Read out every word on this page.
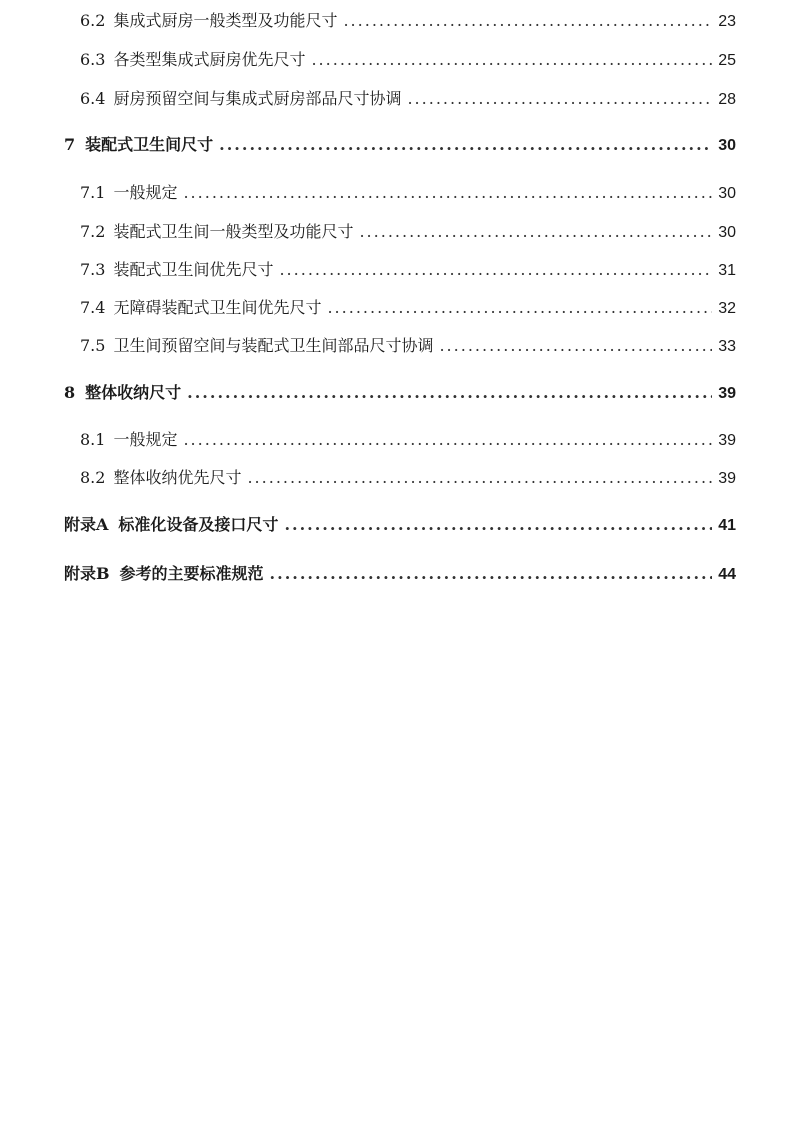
6.2 集成式厨房一般类型及功能尺寸 .....	23
6.3 各类型集成式厨房优先尺寸 .....	25
6.4 厨房预留空间与集成式厨房部品尺寸协调 .....	28
7 装配式卫生间尺寸 .....	30
7.1 一般规定 .....	30
7.2 装配式卫生间一般类型及功能尺寸 .....	30
7.3 装配式卫生间优先尺寸 .....	31
7.4 无障碍装配式卫生间优先尺寸 .....	32
7.5 卫生间预留空间与装配式卫生间部品尺寸协调 .....	33
8 整体收纳尺寸 .....	39
8.1 一般规定 .....	39
8.2 整体收纳优先尺寸 .....	39
附录A 标准化设备及接口尺寸 .....	41
附录B 参考的主要标准规范 .....	44
